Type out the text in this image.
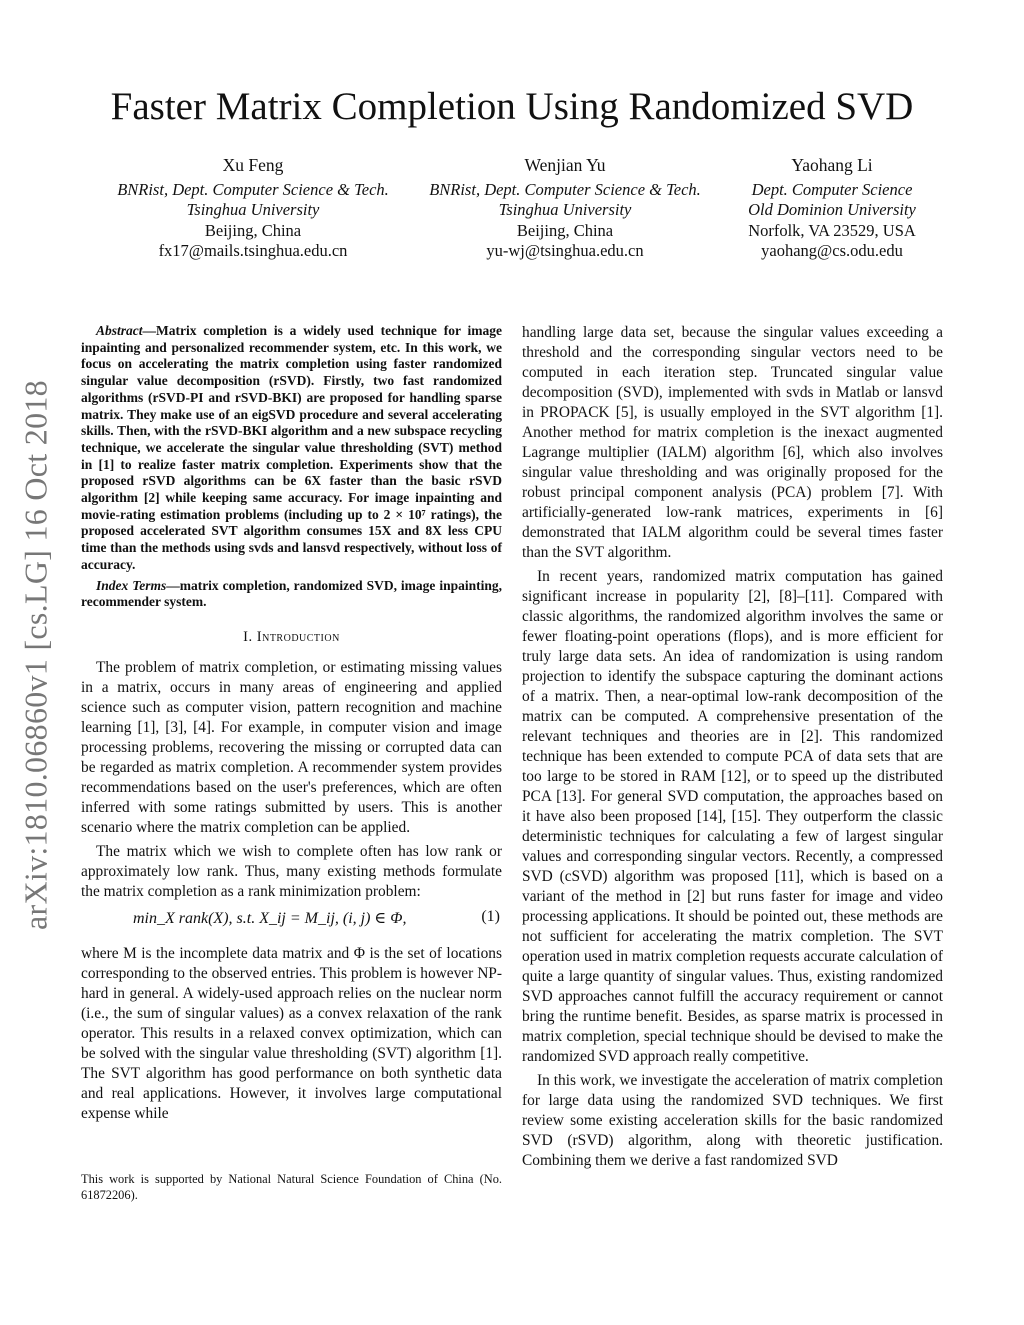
Faster Matrix Completion Using Randomized SVD
Xu Feng
BNRist, Dept. Computer Science & Tech.
Tsinghua University
Beijing, China
fx17@mails.tsinghua.edu.cn
Wenjian Yu
BNRist, Dept. Computer Science & Tech.
Tsinghua University
Beijing, China
yu-wj@tsinghua.edu.cn
Yaohang Li
Dept. Computer Science
Old Dominion University
Norfolk, VA 23529, USA
yaohang@cs.odu.edu
arXiv:1810.06860v1 [cs.LG] 16 Oct 2018

Abstract—Matrix completion is a widely used technique for image inpainting and personalized recommender system, etc. In this work, we focus on accelerating the matrix completion using faster randomized singular value decomposition (rSVD). Firstly, two fast randomized algorithms (rSVD-PI and rSVD-BKI) are proposed for handling sparse matrix. They make use of an eigSVD procedure and several accelerating skills. Then, with the rSVD-BKI algorithm and a new subspace recycling technique, we accelerate the singular value thresholding (SVT) method in [1] to realize faster matrix completion. Experiments show that the proposed rSVD algorithms can be 6X faster than the basic rSVD algorithm [2] while keeping same accuracy. For image inpainting and movie-rating estimation problems (including up to 2 × 10⁷ ratings), the proposed accelerated SVT algorithm consumes 15X and 8X less CPU time than the methods using svds and lansvd respectively, without loss of accuracy.

Index Terms—matrix completion, randomized SVD, image inpainting, recommender system.

I. Introduction

The problem of matrix completion, or estimating missing values in a matrix, occurs in many areas of engineering and applied science such as computer vision, pattern recognition and machine learning [1], [3], [4]. For example, in computer vision and image processing problems, recovering the missing or corrupted data can be regarded as matrix completion. A recommender system provides recommendations based on the user's preferences, which are often inferred with some ratings submitted by users. This is another scenario where the matrix completion can be applied.

The matrix which we wish to complete often has low rank or approximately low rank. Thus, many existing methods formulate the matrix completion as a rank minimization problem:

min_X rank(X), s.t. X_ij = M_ij, (i, j) ∈ Φ,	(1)

where M is the incomplete data matrix and Φ is the set of locations corresponding to the observed entries. This problem is however NP-hard in general. A widely-used approach relies on the nuclear norm (i.e., the sum of singular values) as a convex relaxation of the rank operator. This results in a relaxed convex optimization, which can be solved with the singular value thresholding (SVT) algorithm [1]. The SVT algorithm has good performance on both synthetic data and real applications. However, it involves large computational expense while

This work is supported by National Natural Science Foundation of China (No. 61872206).

handling large data set, because the singular values exceeding a threshold and the corresponding singular vectors need to be computed in each iteration step. Truncated singular value decomposition (SVD), implemented with svds in Matlab or lansvd in PROPACK [5], is usually employed in the SVT algorithm [1]. Another method for matrix completion is the inexact augmented Lagrange multiplier (IALM) algorithm [6], which also involves singular value thresholding and was originally proposed for the robust principal component analysis (PCA) problem [7]. With artificially-generated low-rank matrices, experiments in [6] demonstrated that IALM algorithm could be several times faster than the SVT algorithm.

In recent years, randomized matrix computation has gained significant increase in popularity [2], [8]–[11]. Compared with classic algorithms, the randomized algorithm involves the same or fewer floating-point operations (flops), and is more efficient for truly large data sets. An idea of randomization is using random projection to identify the subspace capturing the dominant actions of a matrix. Then, a near-optimal low-rank decomposition of the matrix can be computed. A comprehensive presentation of the relevant techniques and theories are in [2]. This randomized technique has been extended to compute PCA of data sets that are too large to be stored in RAM [12], or to speed up the distributed PCA [13]. For general SVD computation, the approaches based on it have also been proposed [14], [15]. They outperform the classic deterministic techniques for calculating a few of largest singular values and corresponding singular vectors. Recently, a compressed SVD (cSVD) algorithm was proposed [11], which is based on a variant of the method in [2] but runs faster for image and video processing applications. It should be pointed out, these methods are not sufficient for accelerating the matrix completion. The SVT operation used in matrix completion requests accurate calculation of quite a large quantity of singular values. Thus, existing randomized SVD approaches cannot fulfill the accuracy requirement or cannot bring the runtime benefit. Besides, as sparse matrix is processed in matrix completion, special technique should be devised to make the randomized SVD approach really competitive.

In this work, we investigate the acceleration of matrix completion for large data using the randomized SVD techniques. We first review some existing acceleration skills for the basic randomized SVD (rSVD) algorithm, along with theoretic justification. Combining them we derive a fast randomized SVD
